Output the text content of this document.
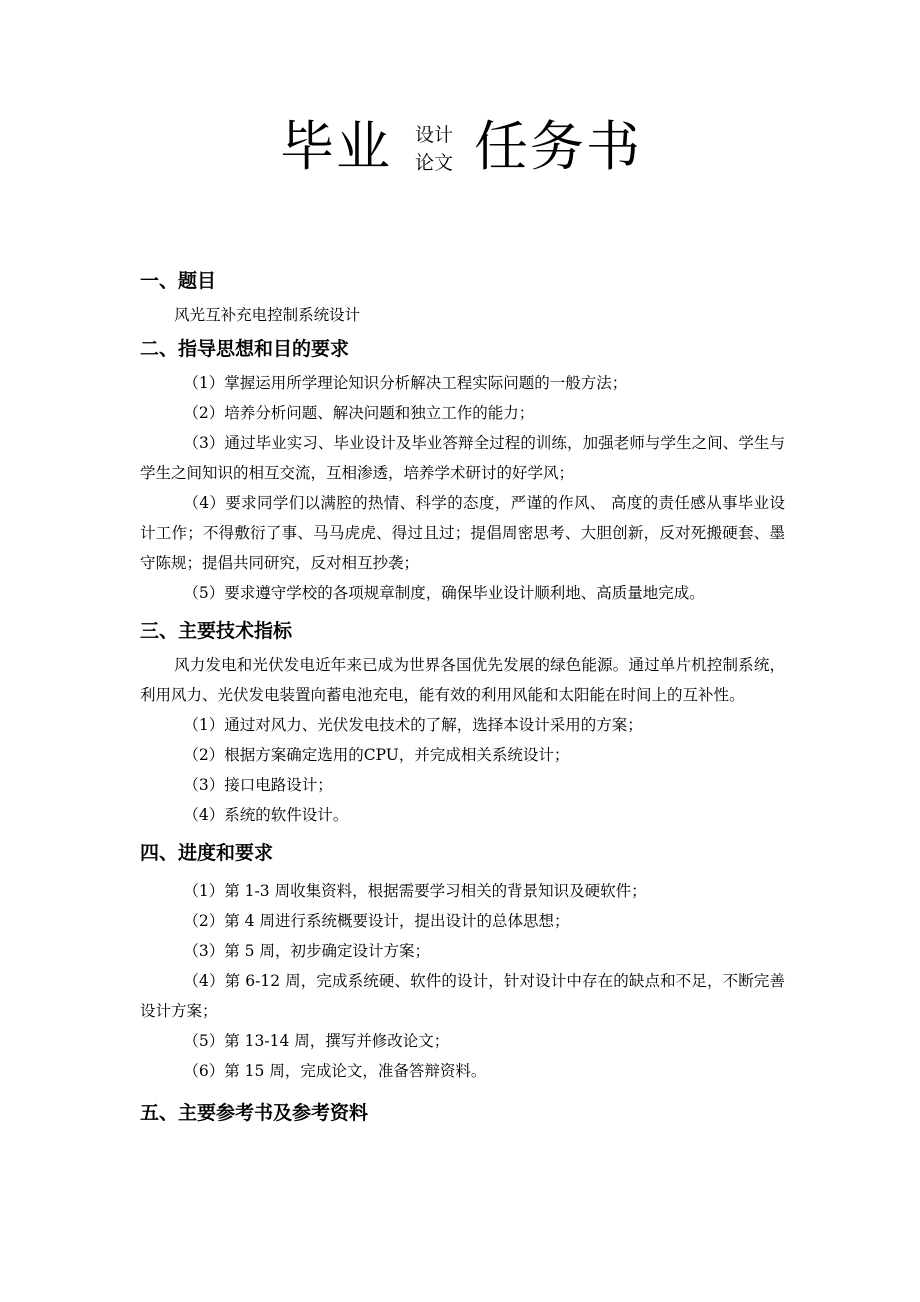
毕业 设计
论文 任务书
一、题目

风光互补充电控制系统设计

二、指导思想和目的要求

（1）掌握运用所学理论知识分析解决工程实际问题的一般方法；

（2）培养分析问题、解决问题和独立工作的能力；

（3）通过毕业实习、毕业设计及毕业答辩全过程的训练，加强老师与学生之间、学生与学生之间知识的相互交流，互相渗透，培养学术研讨的好学风；

（4）要求同学们以满腔的热情、科学的态度，严谨的作风、 高度的责任感从事毕业设计工作；不得敷衍了事、马马虎虎、得过且过；提倡周密思考、大胆创新，反对死搬硬套、墨守陈规；提倡共同研究，反对相互抄袭；

（5）要求遵守学校的各项规章制度，确保毕业设计顺利地、高质量地完成。

三、主要技术指标

风力发电和光伏发电近年来已成为世界各国优先发展的绿色能源。通过单片机控制系统，利用风力、光伏发电装置向蓄电池充电，能有效的利用风能和太阳能在时间上的互补性。

（1）通过对风力、光伏发电技术的了解，选择本设计采用的方案；

（2）根据方案确定选用的CPU，并完成相关系统设计；

（3）接口电路设计；

（4）系统的软件设计。

四、进度和要求

（1）第 1-3 周收集资料，根据需要学习相关的背景知识及硬软件；

（2）第 4 周进行系统概要设计，提出设计的总体思想；

（3）第 5 周，初步确定设计方案；

（4）第 6-12 周，完成系统硬、软件的设计，针对设计中存在的缺点和不足，不断完善设计方案；

（5）第 13-14 周，撰写并修改论文；

（6）第 15 周，完成论文，准备答辩资料。

五、主要参考书及参考资料
